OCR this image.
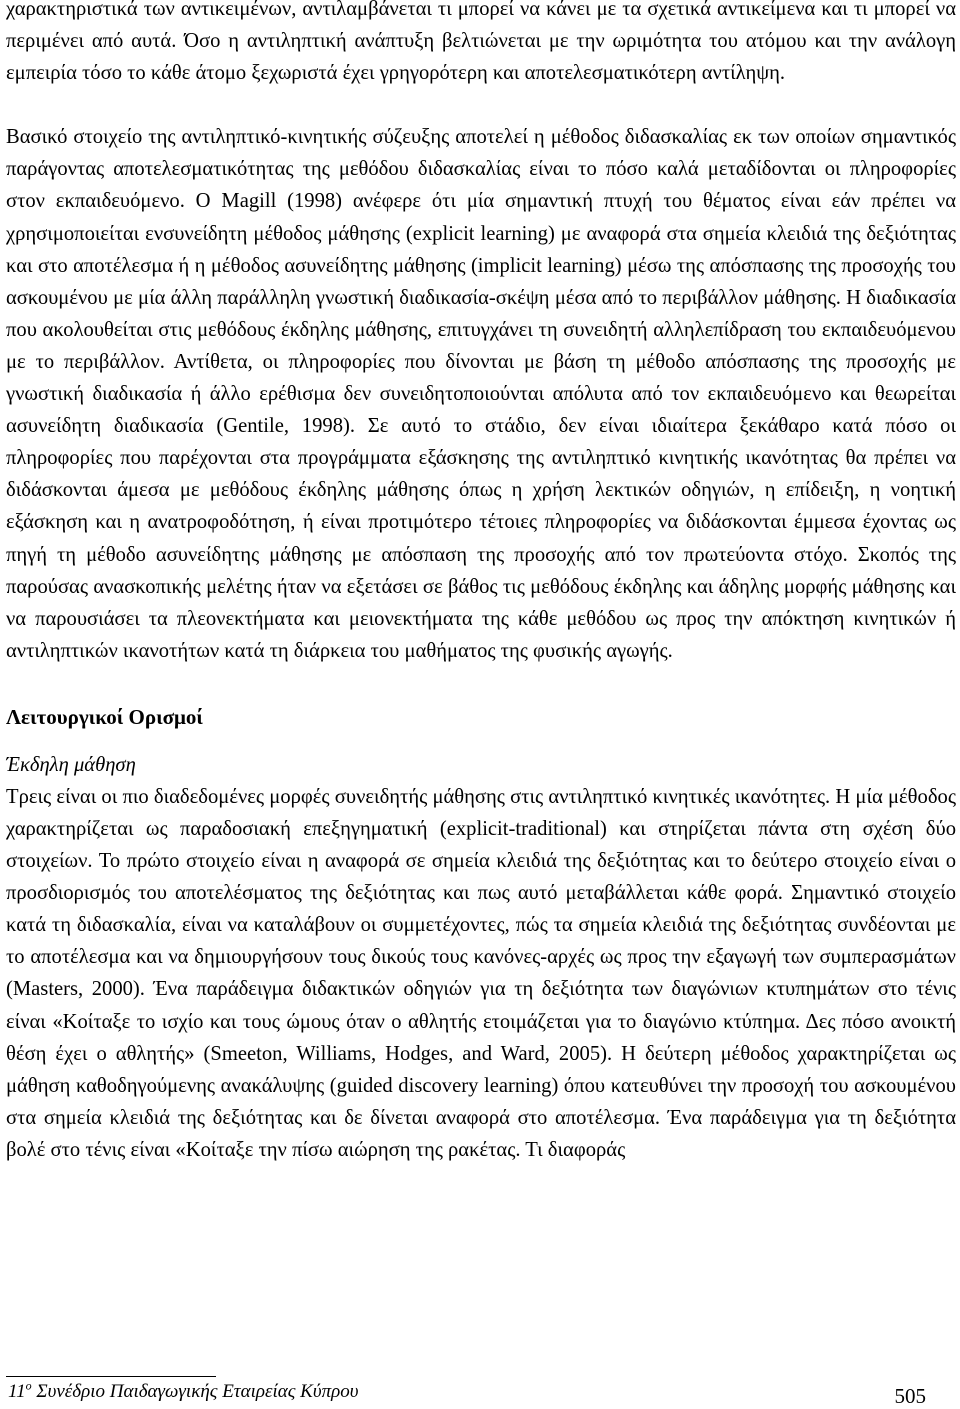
χαρακτηριστικά των αντικειμένων, αντιλαμβάνεται τι μπορεί να κάνει με τα σχετικά αντικείμενα και τι μπορεί να περιμένει από αυτά. Όσο η αντιληπτική ανάπτυξη βελτιώνεται με την ωριμότητα του ατόμου και την ανάλογη εμπειρία τόσο το κάθε άτομο ξεχωριστά έχει γρηγορότερη και αποτελεσματικότερη αντίληψη.

Βασικό στοιχείο της αντιληπτικό-κινητικής σύζευξης αποτελεί η μέθοδος διδασκαλίας εκ των οποίων σημαντικός παράγοντας αποτελεσματικότητας της μεθόδου διδασκαλίας είναι το πόσο καλά μεταδίδονται οι πληροφορίες στον εκπαιδευόμενο. Ο Magill (1998) ανέφερε ότι μία σημαντική πτυχή του θέματος είναι εάν πρέπει να χρησιμοποιείται ενσυνείδητη μέθοδος μάθησης (explicit learning) με αναφορά στα σημεία κλειδιά της δεξιότητας και στο αποτέλεσμα ή η μέθοδος ασυνείδητης μάθησης (implicit learning) μέσω της απόσπασης της προσοχής του ασκουμένου με μία άλλη παράλληλη γνωστική διαδικασία-σκέψη μέσα από το περιβάλλον μάθησης. Η διαδικασία που ακολουθείται στις μεθόδους έκδηλης μάθησης, επιτυγχάνει τη συνειδητή αλληλεπίδραση του εκπαιδευόμενου με το περιβάλλον. Αντίθετα, οι πληροφορίες που δίνονται με βάση τη μέθοδο απόσπασης της προσοχής με γνωστική διαδικασία ή άλλο ερέθισμα δεν συνειδητοποιούνται απόλυτα από τον εκπαιδευόμενο και θεωρείται ασυνείδητη διαδικασία (Gentile, 1998). Σε αυτό το στάδιο, δεν είναι ιδιαίτερα ξεκάθαρο κατά πόσο οι πληροφορίες που παρέχονται στα προγράμματα εξάσκησης της αντιληπτικό κινητικής ικανότητας θα πρέπει να διδάσκονται άμεσα με μεθόδους έκδηλης μάθησης όπως η χρήση λεκτικών οδηγιών, η επίδειξη, η νοητική εξάσκηση και η ανατροφοδότηση, ή είναι προτιμότερο τέτοιες πληροφορίες να διδάσκονται έμμεσα έχοντας ως πηγή τη μέθοδο ασυνείδητης μάθησης με απόσπαση της προσοχής από τον πρωτεύοντα στόχο. Σκοπός της παρούσας ανασκοπικής μελέτης ήταν να εξετάσει σε βάθος τις μεθόδους έκδηλης και άδηλης μορφής μάθησης και να παρουσιάσει τα πλεονεκτήματα και μειονεκτήματα της κάθε μεθόδου ως προς την απόκτηση κινητικών ή αντιληπτικών ικανοτήτων κατά τη διάρκεια του μαθήματος της φυσικής αγωγής.

Λειτουργικοί Ορισμοί
Έκδηλη μάθηση

Τρεις είναι οι πιο διαδεδομένες μορφές συνειδητής μάθησης στις αντιληπτικό κινητικές ικανότητες. Η μία μέθοδος χαρακτηρίζεται ως παραδοσιακή επεξηγηματική (explicit-traditional) και στηρίζεται πάντα στη σχέση δύο στοιχείων. Το πρώτο στοιχείο είναι η αναφορά σε σημεία κλειδιά της δεξιότητας και το δεύτερο στοιχείο είναι ο προσδιορισμός του αποτελέσματος της δεξιότητας και πως αυτό μεταβάλλεται κάθε φορά. Σημαντικό στοιχείο κατά τη διδασκαλία, είναι να καταλάβουν οι συμμετέχοντες, πώς τα σημεία κλειδιά της δεξιότητας συνδέονται με το αποτέλεσμα και να δημιουργήσουν τους δικούς τους κανόνες-αρχές ως προς την εξαγωγή των συμπερασμάτων (Masters, 2000). Ένα παράδειγμα διδακτικών οδηγιών για τη δεξιότητα των διαγώνιων κτυπημάτων στο τένις είναι «Κοίταξε το ισχίο και τους ώμους όταν ο αθλητής ετοιμάζεται για το διαγώνιο κτύπημα. Δες πόσο ανοικτή θέση έχει ο αθλητής» (Smeeton, Williams, Hodges, and Ward, 2005). Η δεύτερη μέθοδος χαρακτηρίζεται ως μάθηση καθοδηγούμενης ανακάλυψης (guided discovery learning) όπου κατευθύνει την προσοχή του ασκουμένου στα σημεία κλειδιά της δεξιότητας και δε δίνεται αναφορά στο αποτέλεσμα. Ένα παράδειγμα για τη δεξιότητα βολέ στο τένις είναι «Κοίταξε την πίσω αιώρηση της ρακέτας. Τι διαφοράς

$11^o$ Συνέδριο Παιδαγωγικής Εταιρείας Κύπρου	505
